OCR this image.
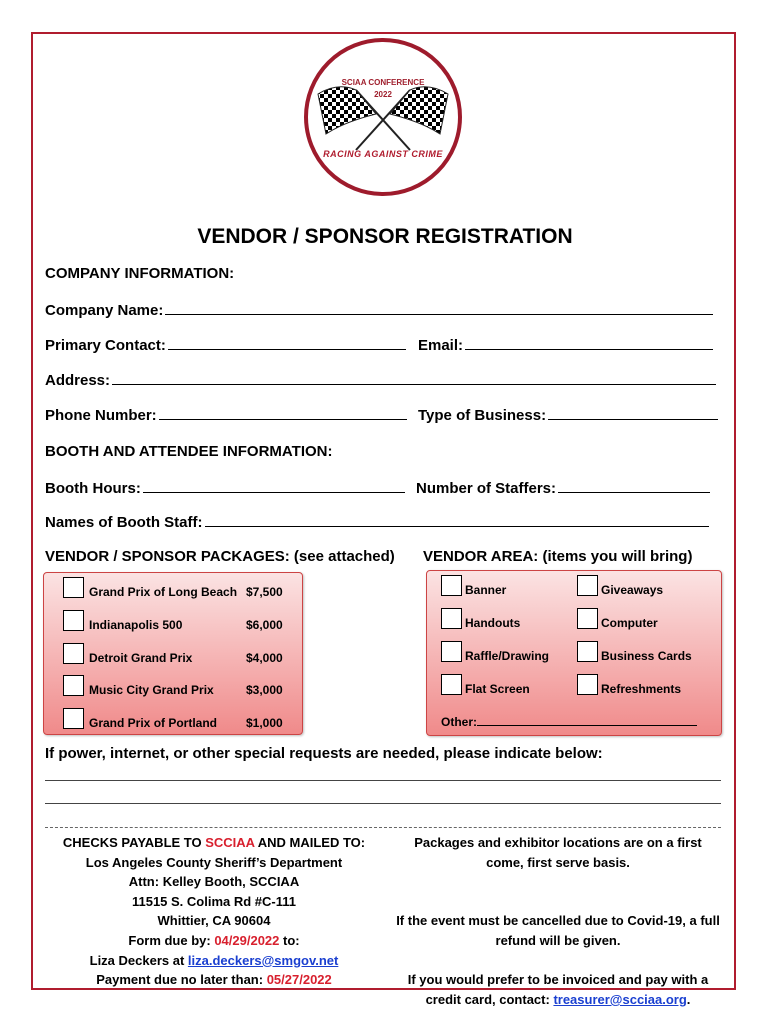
SCIAA CONFERENCE
2022
RACING AGAINST CRIME
VENDOR / SPONSOR REGISTRATION
COMPANY INFORMATION:
Company Name:
Primary Contact:	Email:
Address:
Phone Number:	Type of Business:
BOOTH AND ATTENDEE INFORMATION:
Booth Hours:	Number of Staffers:
Names of Booth Staff:
VENDOR / SPONSOR PACKAGES: (see attached) VENDOR AREA: (items you will bring)
Grand Prix of Long Beach $7,500
Indianapolis 500	$6,000
Detroit Grand Prix	$4,000
Music City Grand Prix	$3,000
Grand Prix of Portland $1,000
Banner	Giveaways
Handouts	Computer
Raffle/Drawing	Business Cards
Flat Screen	Refreshments
Other:
If power, internet, or other special requests are needed, please indicate below:
CHECKS PAYABLE TO SCCIAA AND MAILED TO:
Los Angeles County Sheriff’s Department
Attn: Kelley Booth, SCCIAA
11515 S. Colima Rd #C-111
Whittier, CA 90604
Form due by: 04/29/2022 to:
Liza Deckers at liza.deckers@smgov.net
Payment due no later than: 05/27/2022
Packages and exhibitor locations are on a first come, first serve basis.
If the event must be cancelled due to Covid-19, a full refund will be given.
If you would prefer to be invoiced and pay with a credit card, contact: treasurer@scciaa.org.
